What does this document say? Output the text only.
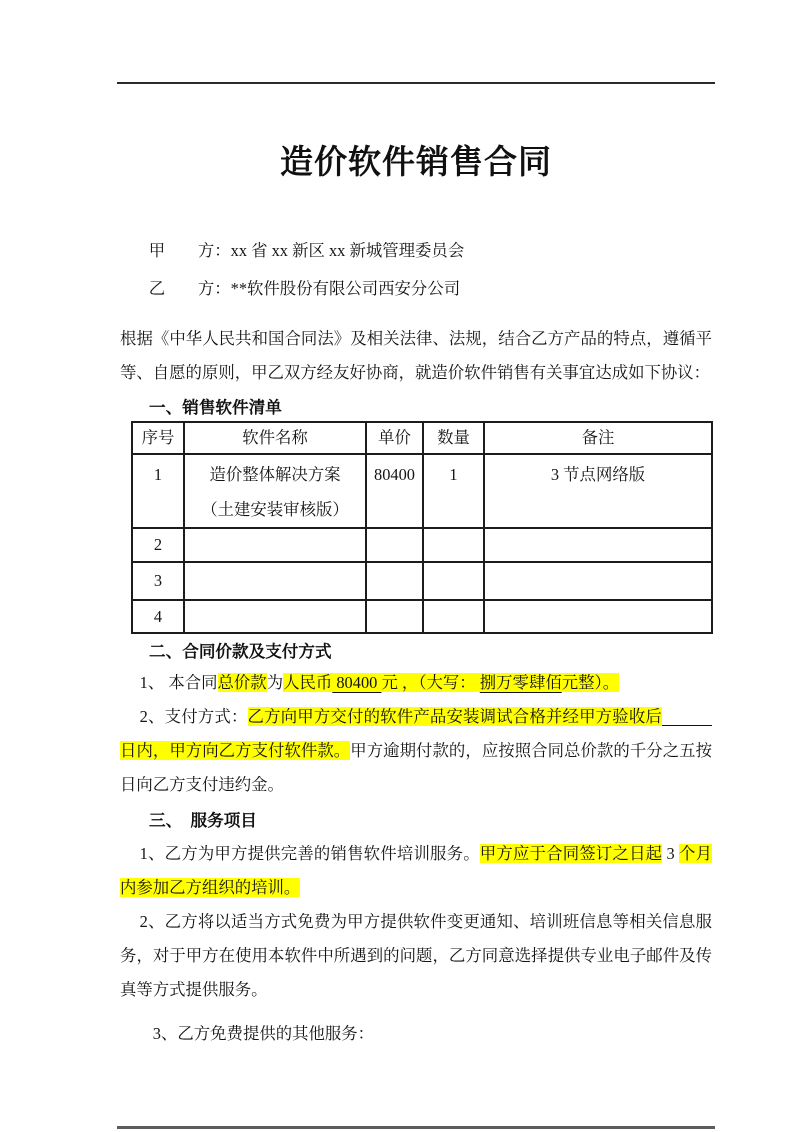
造价软件销售合同

甲　　方：xx 省 xx 新区 xx 新城管理委员会

乙　　方：**软件股份有限公司西安分公司

根据《中华人民共和国合同法》及相关法律、法规，结合乙方产品的特点，遵循平等、自愿的原则，甲乙双方经友好协商，就造价软件销售有关事宜达成如下协议：

一、销售软件清单
序号	软件名称	单价	数量	备注
1	造价整体解决方案
（土建安装审核版）	80400	1	3 节点网络版
2				
3				
4				
二、合同价款及支付方式

1、 本合同总价款为人民币 80400 元 ，（大写： 捌万零肆佰元整）。

2、支付方式：乙方向甲方交付的软件产品安装调试合格并经甲方验收后日内，甲方向乙方支付软件款。甲方逾期付款的，应按照合同总价款的千分之五按日向乙方支付违约金。

三、　服务项目

1、乙方为甲方提供完善的销售软件培训服务。甲方应于合同签订之日起 3 个月内参加乙方组织的培训。

2、乙方将以适当方式免费为甲方提供软件变更通知、培训班信息等相关信息服务，对于甲方在使用本软件中所遇到的问题，乙方同意选择提供专业电子邮件及传真等方式提供服务。

3、乙方免费提供的其他服务：
